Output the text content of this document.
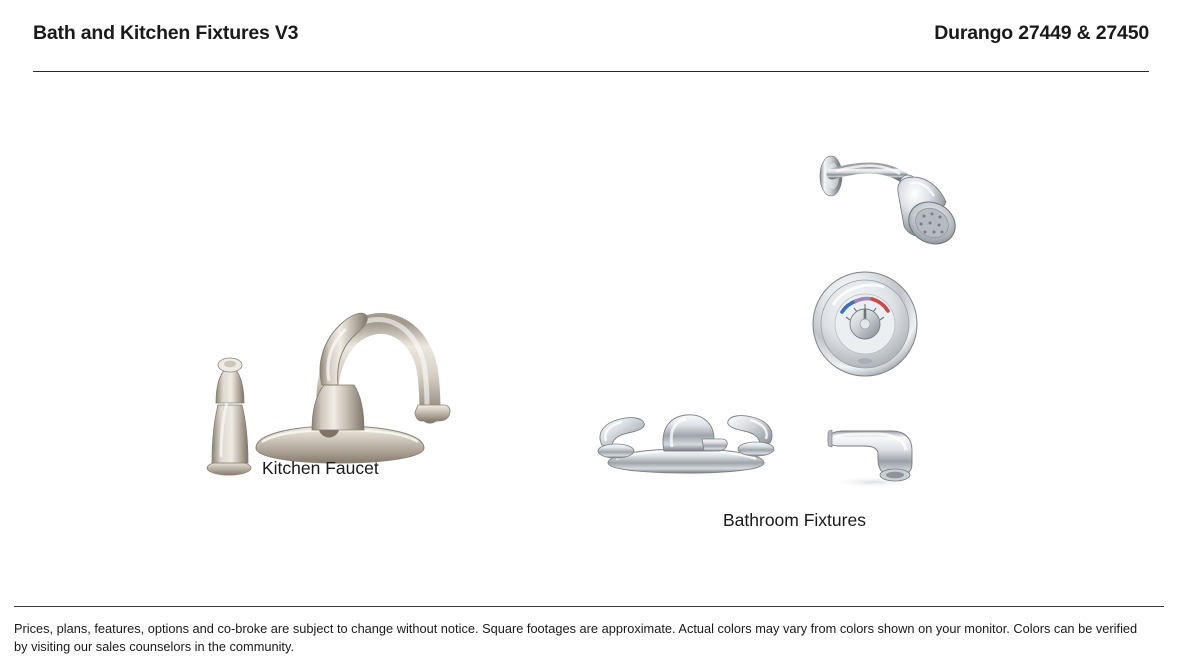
Bath and Kitchen Fixtures V3	Durango 27449 & 27450
Kitchen Faucet
Bathroom Fixtures
Prices, plans, features, options and co-broke are subject to change without notice. Square footages are approximate. Actual colors may vary from colors shown on your monitor. Colors can be verified by visiting our sales counselors in the community.
